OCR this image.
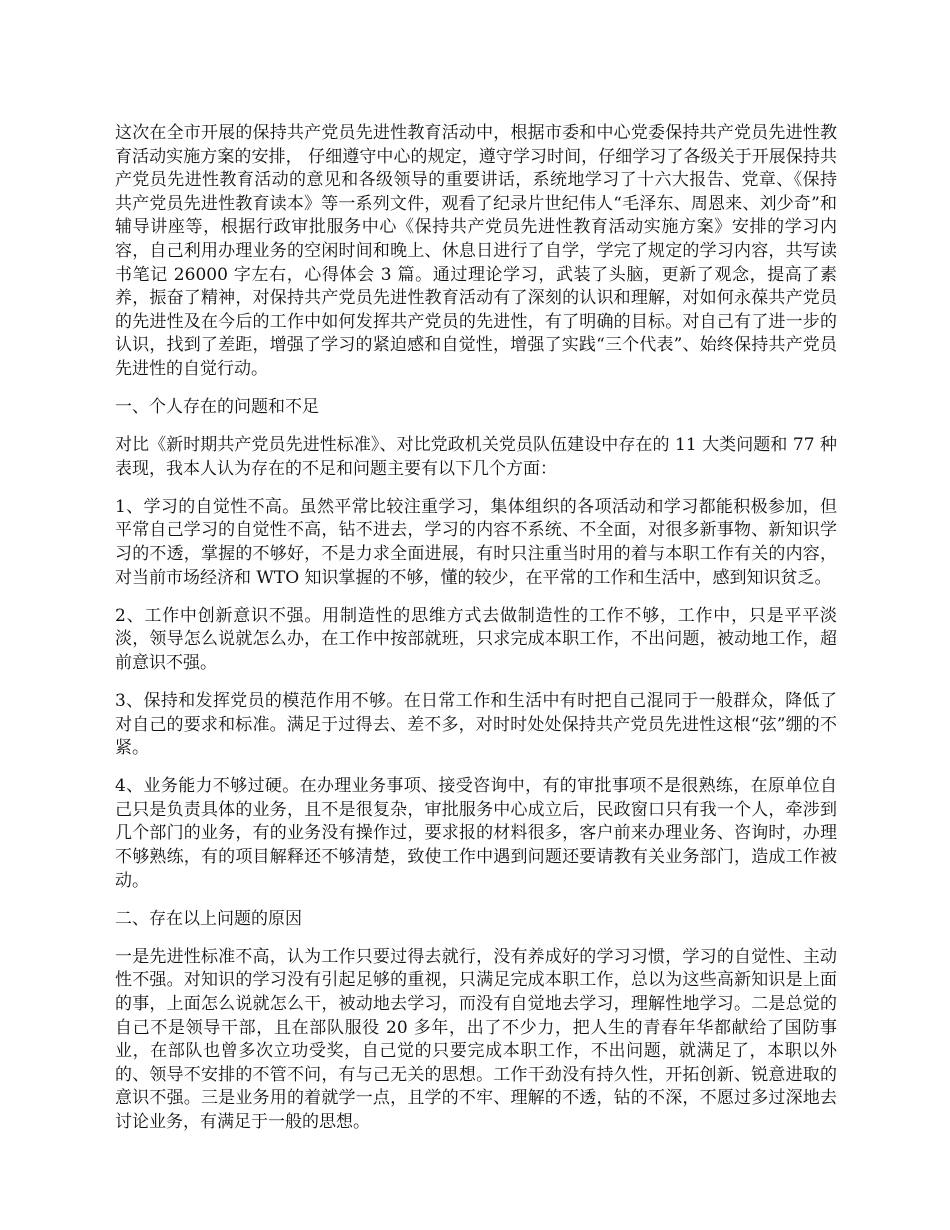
这次在全市开展的保持共产党员先进性教育活动中，根据市委和中心党委保持共产党员先进性教育活动实施方案的安排， 仔细遵守中心的规定，遵守学习时间，仔细学习了各级关于开展保持共产党员先进性教育活动的意见和各级领导的重要讲话，系统地学习了十六大报告、党章、《保持共产党员先进性教育读本》等一系列文件，观看了纪录片世纪伟人“毛泽东、周恩来、刘少奇”和辅导讲座等，根据行政审批服务中心《保持共产党员先进性教育活动实施方案》安排的学习内容，自己利用办理业务的空闲时间和晚上、休息日进行了自学，学完了规定的学习内容，共写读书笔记 26000 字左右，心得体会 3 篇。通过理论学习，武装了头脑，更新了观念，提高了素养，振奋了精神，对保持共产党员先进性教育活动有了深刻的认识和理解，对如何永葆共产党员的先进性及在今后的工作中如何发挥共产党员的先进性，有了明确的目标。对自己有了进一步的认识，找到了差距，增强了学习的紧迫感和自觉性，增强了实践“三个代表”、始终保持共产党员先进性的自觉行动。

一、个人存在的问题和不足

对比《新时期共产党员先进性标准》、对比党政机关党员队伍建设中存在的 11 大类问题和 77 种表现，我本人认为存在的不足和问题主要有以下几个方面：

1、学习的自觉性不高。虽然平常比较注重学习，集体组织的各项活动和学习都能积极参加，但平常自己学习的自觉性不高，钻不进去，学习的内容不系统、不全面，对很多新事物、新知识学习的不透，掌握的不够好，不是力求全面进展，有时只注重当时用的着与本职工作有关的内容，对当前市场经济和 WTO 知识掌握的不够，懂的较少，在平常的工作和生活中，感到知识贫乏。

2、工作中创新意识不强。用制造性的思维方式去做制造性的工作不够，工作中，只是平平淡淡，领导怎么说就怎么办，在工作中按部就班，只求完成本职工作，不出问题，被动地工作，超前意识不强。

3、保持和发挥党员的模范作用不够。在日常工作和生活中有时把自己混同于一般群众，降低了对自己的要求和标准。满足于过得去、差不多，对时时处处保持共产党员先进性这根“弦”绷的不紧。

4、业务能力不够过硬。在办理业务事项、接受咨询中，有的审批事项不是很熟练，在原单位自己只是负责具体的业务，且不是很复杂，审批服务中心成立后，民政窗口只有我一个人，牵涉到几个部门的业务，有的业务没有操作过，要求报的材料很多，客户前来办理业务、咨询时，办理不够熟练，有的项目解释还不够清楚，致使工作中遇到问题还要请教有关业务部门，造成工作被动。

二、存在以上问题的原因

一是先进性标准不高，认为工作只要过得去就行，没有养成好的学习习惯，学习的自觉性、主动性不强。对知识的学习没有引起足够的重视，只满足完成本职工作，总以为这些高新知识是上面的事，上面怎么说就怎么干，被动地去学习，而没有自觉地去学习，理解性地学习。二是总觉的自己不是领导干部，且在部队服役 20 多年，出了不少力，把人生的青春年华都献给了国防事业，在部队也曾多次立功受奖，自己觉的只要完成本职工作，不出问题，就满足了，本职以外的、领导不安排的不管不问，有与己无关的思想。工作干劲没有持久性，开拓创新、锐意进取的意识不强。三是业务用的着就学一点，且学的不牢、理解的不透，钻的不深，不愿过多过深地去讨论业务，有满足于一般的思想。
